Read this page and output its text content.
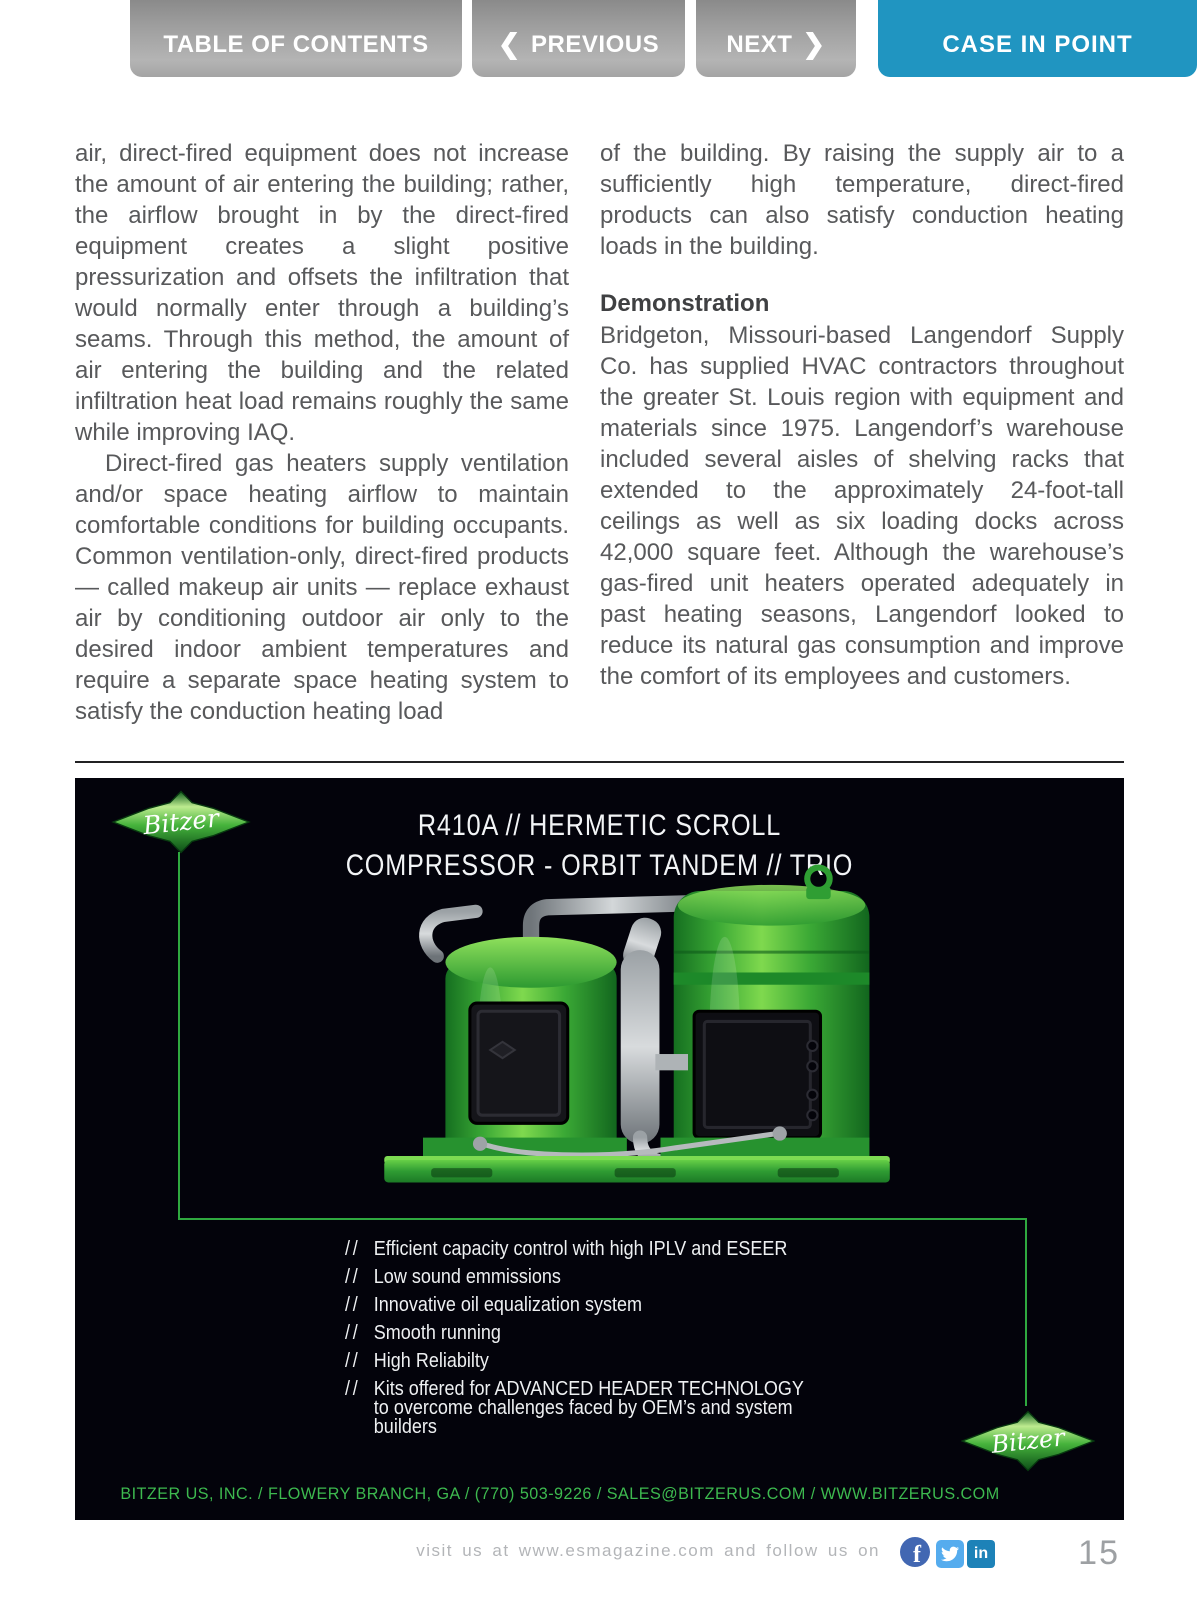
TABLE OF CONTENTS	❮ PREVIOUS	NEXT ❯	CASE IN POINT

air, direct-fired equipment does not increase the amount of air entering the building; rather, the airflow brought in by the direct-fired equipment creates a slight positive pressurization and offsets the infiltration that would normally enter through a building’s seams. Through this method, the amount of air entering the building and the related infiltration heat load remains roughly the same while improving IAQ.

Direct-fired gas heaters supply ventilation and/or space heating airflow to maintain comfortable conditions for building occupants. Common ventilation-only, direct-fired products — called makeup air units — replace exhaust air by conditioning outdoor air only to the desired indoor ambient temperatures and require a separate space heating system to satisfy the conduction heating load

of the building. By raising the supply air to a sufficiently high temperature, direct-fired products can also satisfy conduction heating loads in the building.

Demonstration

Bridgeton, Missouri-based Langendorf Supply Co. has supplied HVAC contractors throughout the greater St. Louis region with equipment and materials since 1975. Langendorf’s warehouse included several aisles of shelving racks that extended to the approximately 24-foot-tall ceilings as well as six loading docks across 42,000 square feet. Although the warehouse’s gas-fired unit heaters operated adequately in past heating seasons, Langendorf looked to reduce its natural gas consumption and improve the comfort of its employees and customers.

Bitzer	R410A // HERMETIC SCROLL
COMPRESSOR - ORBIT TANDEM // TRIO
// Efficient capacity control with high IPLV and ESEER
// Low sound emmissions
// Innovative oil equalization system
// Smooth running
// High Reliabilty
// Kits offered for ADVANCED HEADER TECHNOLOGY to overcome challenges faced by OEM’s and system builders	Bitzer
BITZER US, INC. / FLOWERY BRANCH, GA / (770) 503-9226 / SALES@BITZERUS.COM / WWW.BITZERUS.COM
visit us at www.esmagazine.com and follow us on f	in	15
